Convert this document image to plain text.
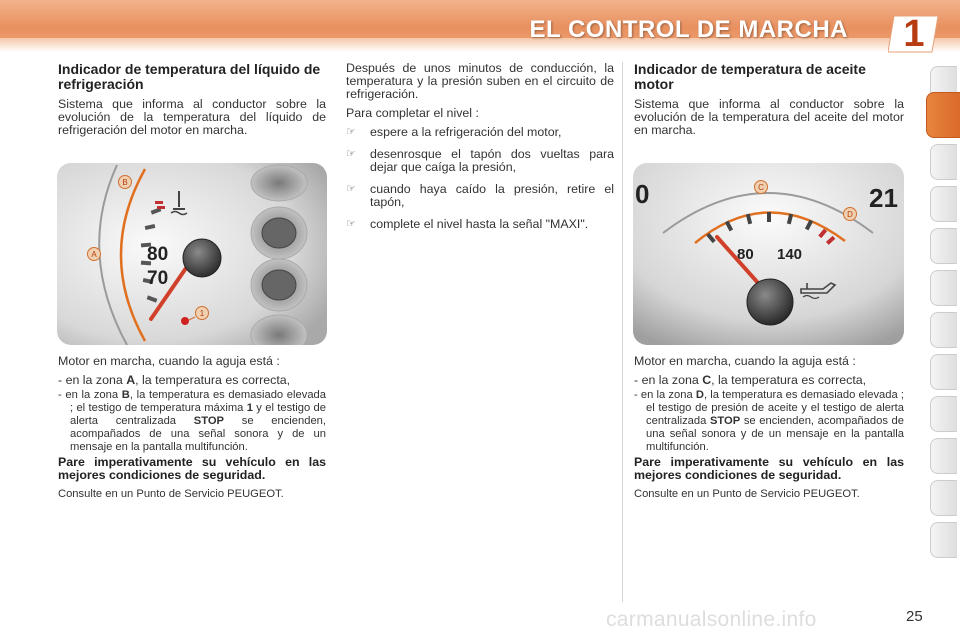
EL CONTROL DE MARCHA	1
Indicador de temperatura del líquido de refrigeración

Sistema que informa al conductor sobre la evolución de la temperatura del líquido de refrigeración del motor en marcha.

80
70
B
A
1

Motor en marcha, cuando la aguja está :

- en la zona A, la temperatura es correcta,
- en la zona B, la temperatura es demasiado elevada ; el testigo de temperatura máxima 1 y el testigo de alerta centralizada STOP se encienden, acompañados de una señal sonora y de un mensaje en la pantalla multifunción.
Pare imperativamente su vehículo en las mejores condiciones de seguridad.

Consulte en un Punto de Servicio PEUGEOT.

Después de unos minutos de conducción, la temperatura y la presión suben en el circuito de refrigeración.

Para completar el nivel :

☞ espere a la refrigeración del motor,
☞ desenrosque el tapón dos vueltas para dejar que caíga la presión,
☞ cuando haya caído la presión, retire el tapón,
☞ complete el nivel hasta la señal "MAXI".
Indicador de temperatura de aceite motor

Sistema que informa al conductor sobre la evolución de la temperatura del aceite del motor en marcha.

0	21
80 140
C
D

Motor en marcha, cuando la aguja está :

- en la zona C, la temperatura es correcta,
- en la zona D, la temperatura es demasiado elevada ; el testigo de presión de aceite y el testigo de alerta centralizada STOP se encienden, acompañados de una señal sonora y de un mensaje en la pantalla multifunción.
Pare imperativamente su vehículo en las mejores condiciones de seguridad.

Consulte en un Punto de Servicio PEUGEOT.

carmanualsonline.info	25
